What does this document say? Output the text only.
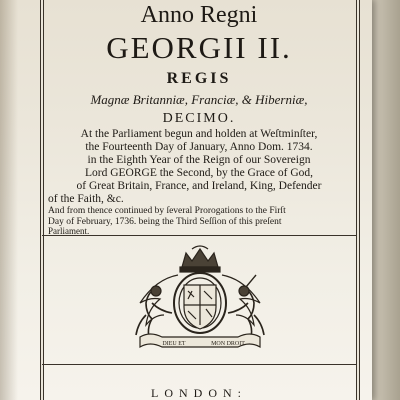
Anno Regni

GEORGII II.

REGIS

Magnæ Britanniæ, Franciæ, & Hiberniæ,

DECIMO.

At the Parliament begun and holden at Weſtminſter,

the Fourteenth Day of January, Anno Dom. 1734.

in the Eighth Year of the Reign of our Sovereign

Lord GEORGE the Second, by the Grace of God,

of Great Britain, France, and Ireland, King, Defender

of the Faith, &c.

And from thence continued by ſeveral Prorogations to the Firſt

Day of February, 1736. being the Third Seſſion of this preſent

Parliament.

DIEU ET	MON DROIT

LONDON:
